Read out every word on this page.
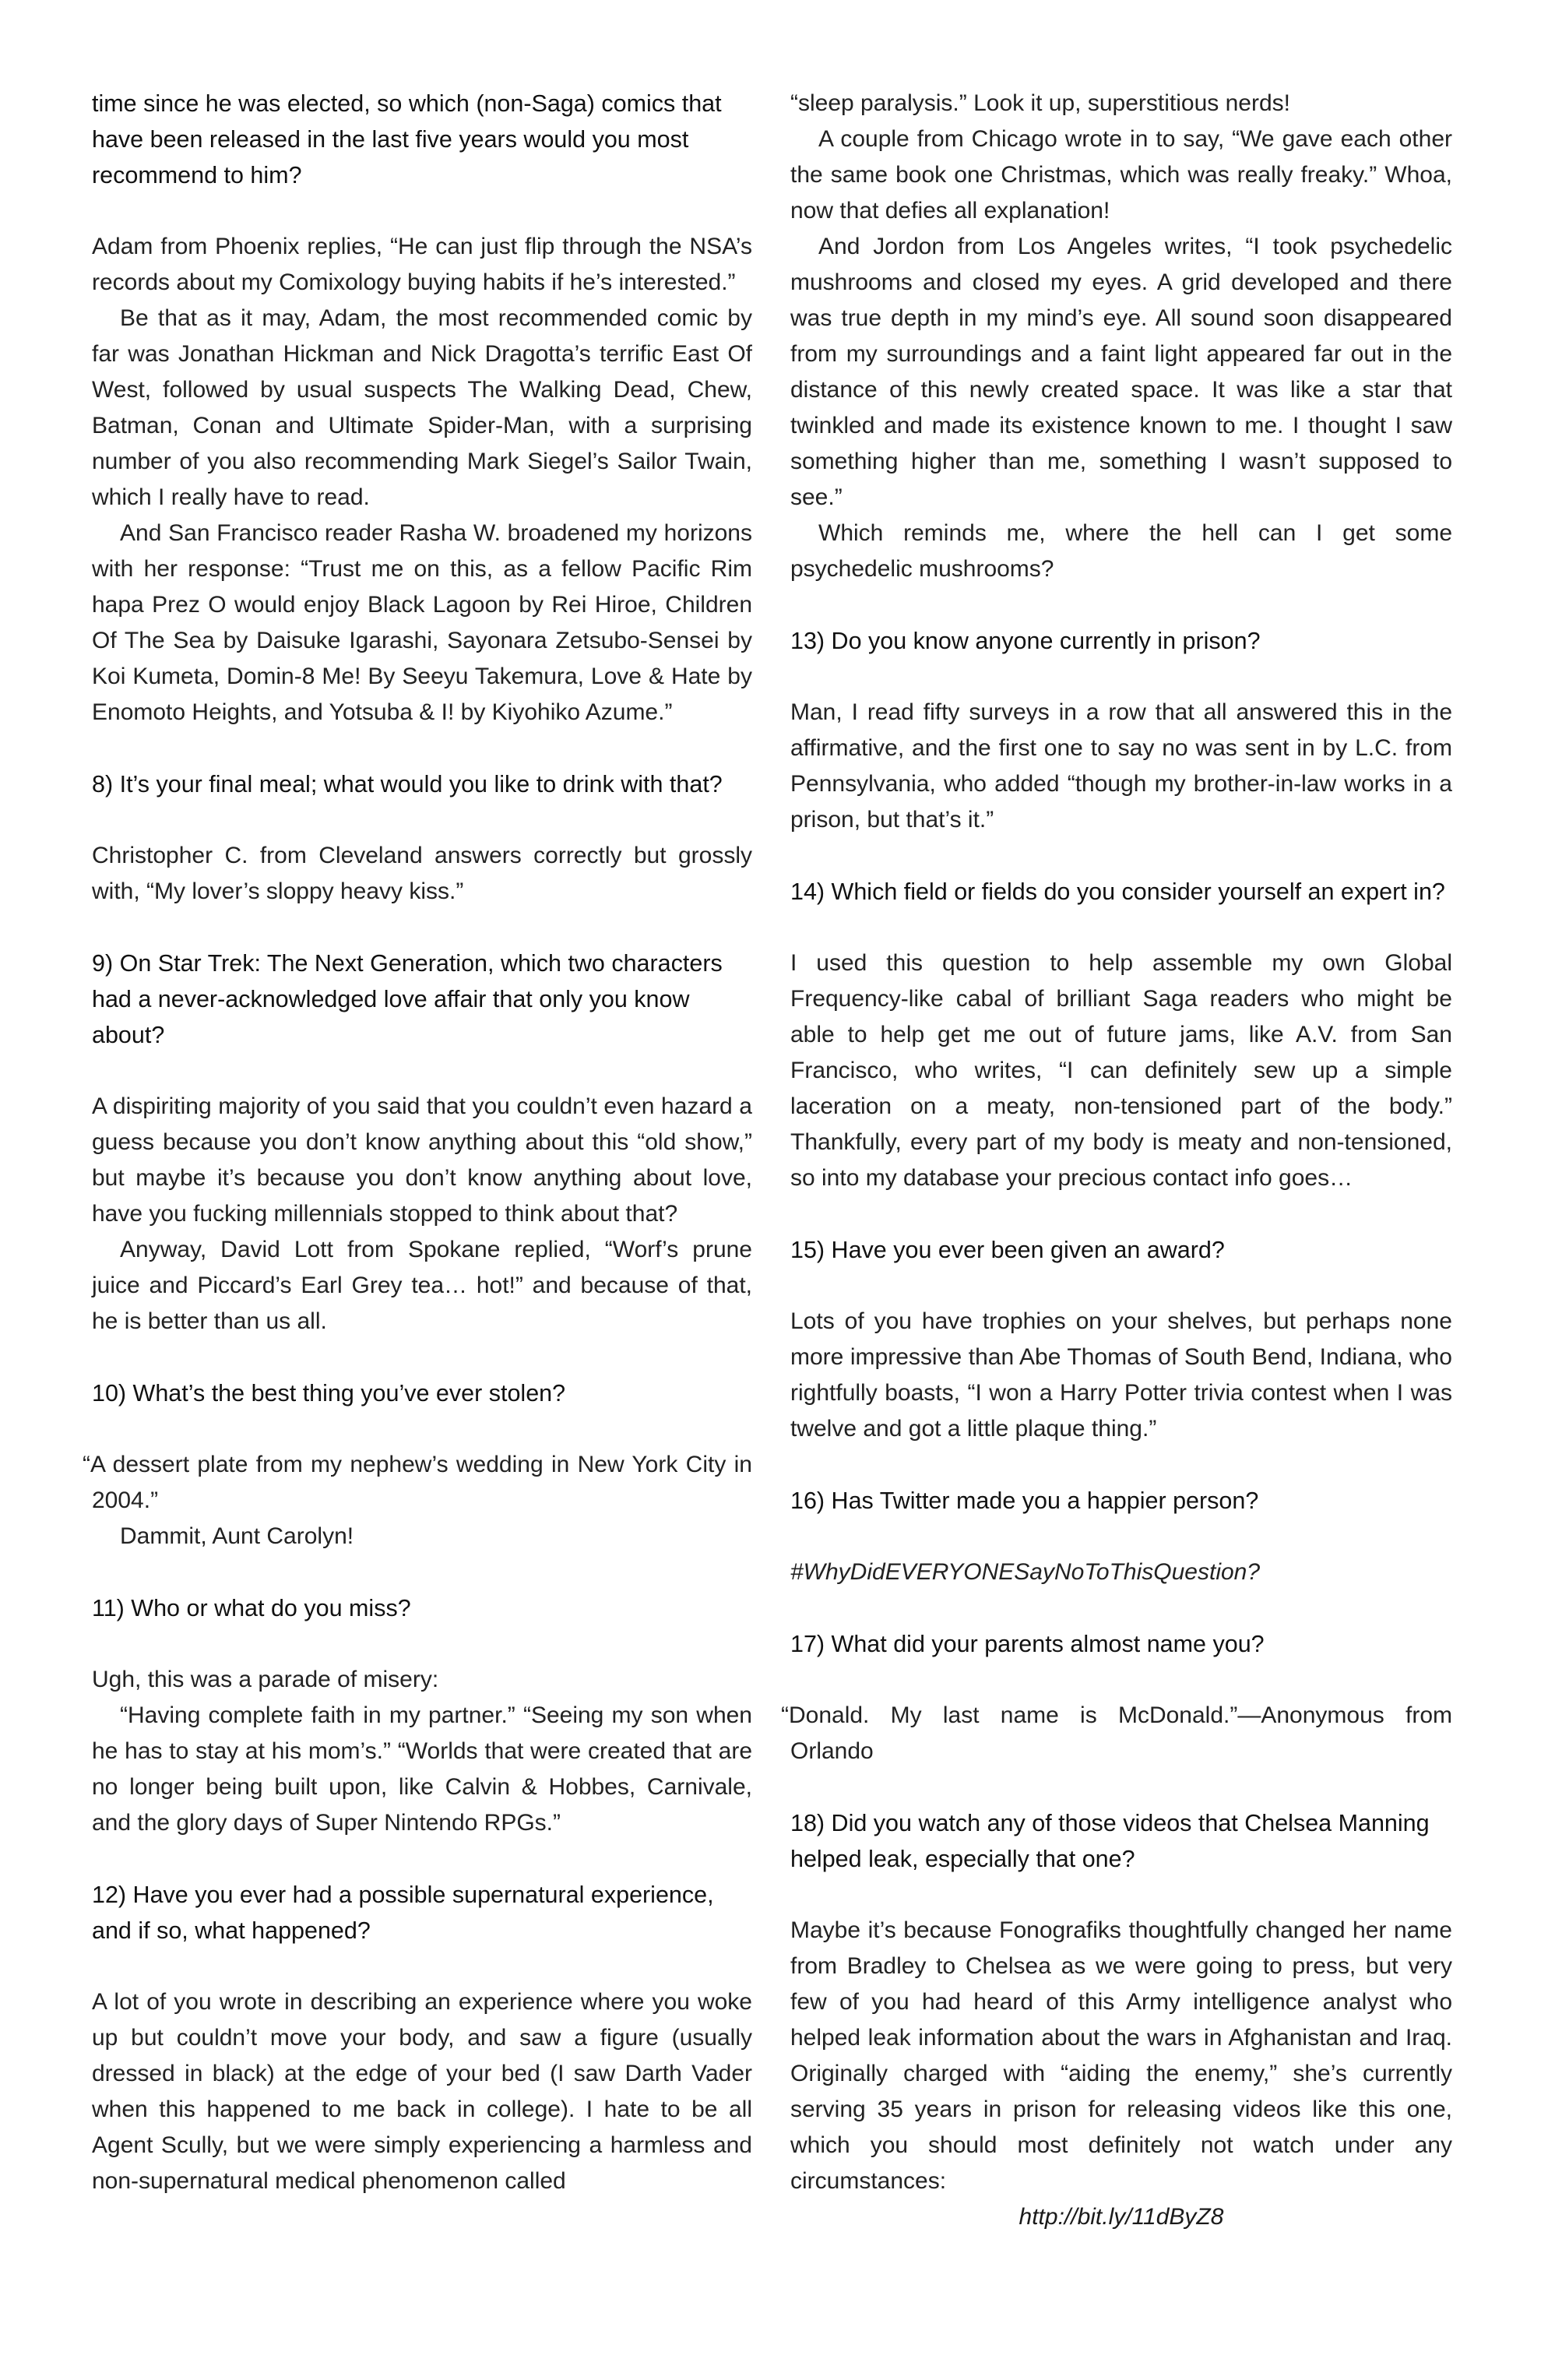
time since he was elected, so which (non-Saga) comics that have been released in the last five years would you most recommend to him?

Adam from Phoenix replies, “He can just flip through the NSA’s records about my Comixology buying habits if he’s interested.”

Be that as it may, Adam, the most recommended comic by far was Jonathan Hickman and Nick Dragotta’s terrific East Of West, followed by usual suspects The Walking Dead, Chew, Batman, Conan and Ultimate Spider-Man, with a surprising number of you also recommending Mark Siegel’s Sailor Twain, which I really have to read.

And San Francisco reader Rasha W. broadened my horizons with her response: “Trust me on this, as a fellow Pacific Rim hapa Prez O would enjoy Black Lagoon by Rei Hiroe, Children Of The Sea by Daisuke Igarashi, Sayonara Zetsubo-Sensei by Koi Kumeta, Domin-8 Me! By Seeyu Takemura, Love & Hate by Enomoto Heights, and Yotsuba & I! by Kiyohiko Azume.”

8) It’s your final meal; what would you like to drink with that?

Christopher C. from Cleveland answers correctly but grossly with, “My lover’s sloppy heavy kiss.”

9) On Star Trek: The Next Generation, which two characters had a never-acknowledged love affair that only you know about?

A dispiriting majority of you said that you couldn’t even hazard a guess because you don’t know anything about this “old show,” but maybe it’s because you don’t know anything about love, have you fucking millennials stopped to think about that?

Anyway, David Lott from Spokane replied, “Worf’s prune juice and Piccard’s Earl Grey tea… hot!” and because of that, he is better than us all.

10) What’s the best thing you’ve ever stolen?

“A dessert plate from my nephew’s wedding in New York City in 2004.”

Dammit, Aunt Carolyn!

11) Who or what do you miss?

Ugh, this was a parade of misery:

“Having complete faith in my partner.” “Seeing my son when he has to stay at his mom’s.” “Worlds that were created that are no longer being built upon, like Calvin & Hobbes, Carnivale, and the glory days of Super Nintendo RPGs.”

12) Have you ever had a possible supernatural experience, and if so, what happened?

A lot of you wrote in describing an experience where you woke up but couldn’t move your body, and saw a figure (usually dressed in black) at the edge of your bed (I saw Darth Vader when this happened to me back in college). I hate to be all Agent Scully, but we were simply experiencing a harmless and non-supernatural medical phenomenon called

“sleep paralysis.” Look it up, superstitious nerds!

A couple from Chicago wrote in to say, “We gave each other the same book one Christmas, which was really freaky.” Whoa, now that defies all explanation!

And Jordon from Los Angeles writes, “I took psychedelic mushrooms and closed my eyes. A grid developed and there was true depth in my mind’s eye. All sound soon disappeared from my surroundings and a faint light appeared far out in the distance of this newly created space. It was like a star that twinkled and made its existence known to me. I thought I saw something higher than me, something I wasn’t supposed to see.”

Which reminds me, where the hell can I get some psychedelic mushrooms?

13) Do you know anyone currently in prison?

Man, I read fifty surveys in a row that all answered this in the affirmative, and the first one to say no was sent in by L.C. from Pennsylvania, who added “though my brother-in-law works in a prison, but that’s it.”

14) Which field or fields do you consider yourself an expert in?

I used this question to help assemble my own Global Frequency-like cabal of brilliant Saga readers who might be able to help get me out of future jams, like A.V. from San Francisco, who writes, “I can definitely sew up a simple laceration on a meaty, non-tensioned part of the body.” Thankfully, every part of my body is meaty and non-tensioned, so into my database your precious contact info goes…

15) Have you ever been given an award?

Lots of you have trophies on your shelves, but perhaps none more impressive than Abe Thomas of South Bend, Indiana, who rightfully boasts, “I won a Harry Potter trivia contest when I was twelve and got a little plaque thing.”

16) Has Twitter made you a happier person?

#WhyDidEVERYONESayNoToThisQuestion?

17) What did your parents almost name you?

“Donald. My last name is McDonald.”—Anonymous from Orlando

18) Did you watch any of those videos that Chelsea Manning helped leak, especially that one?

Maybe it’s because Fonografiks thoughtfully changed her name from Bradley to Chelsea as we were going to press, but very few of you had heard of this Army intelligence analyst who helped leak information about the wars in Afghanistan and Iraq. Originally charged with “aiding the enemy,” she’s currently serving 35 years in prison for releasing videos like this one, which you should most definitely not watch under any circumstances:

http://bit.ly/11dByZ8
